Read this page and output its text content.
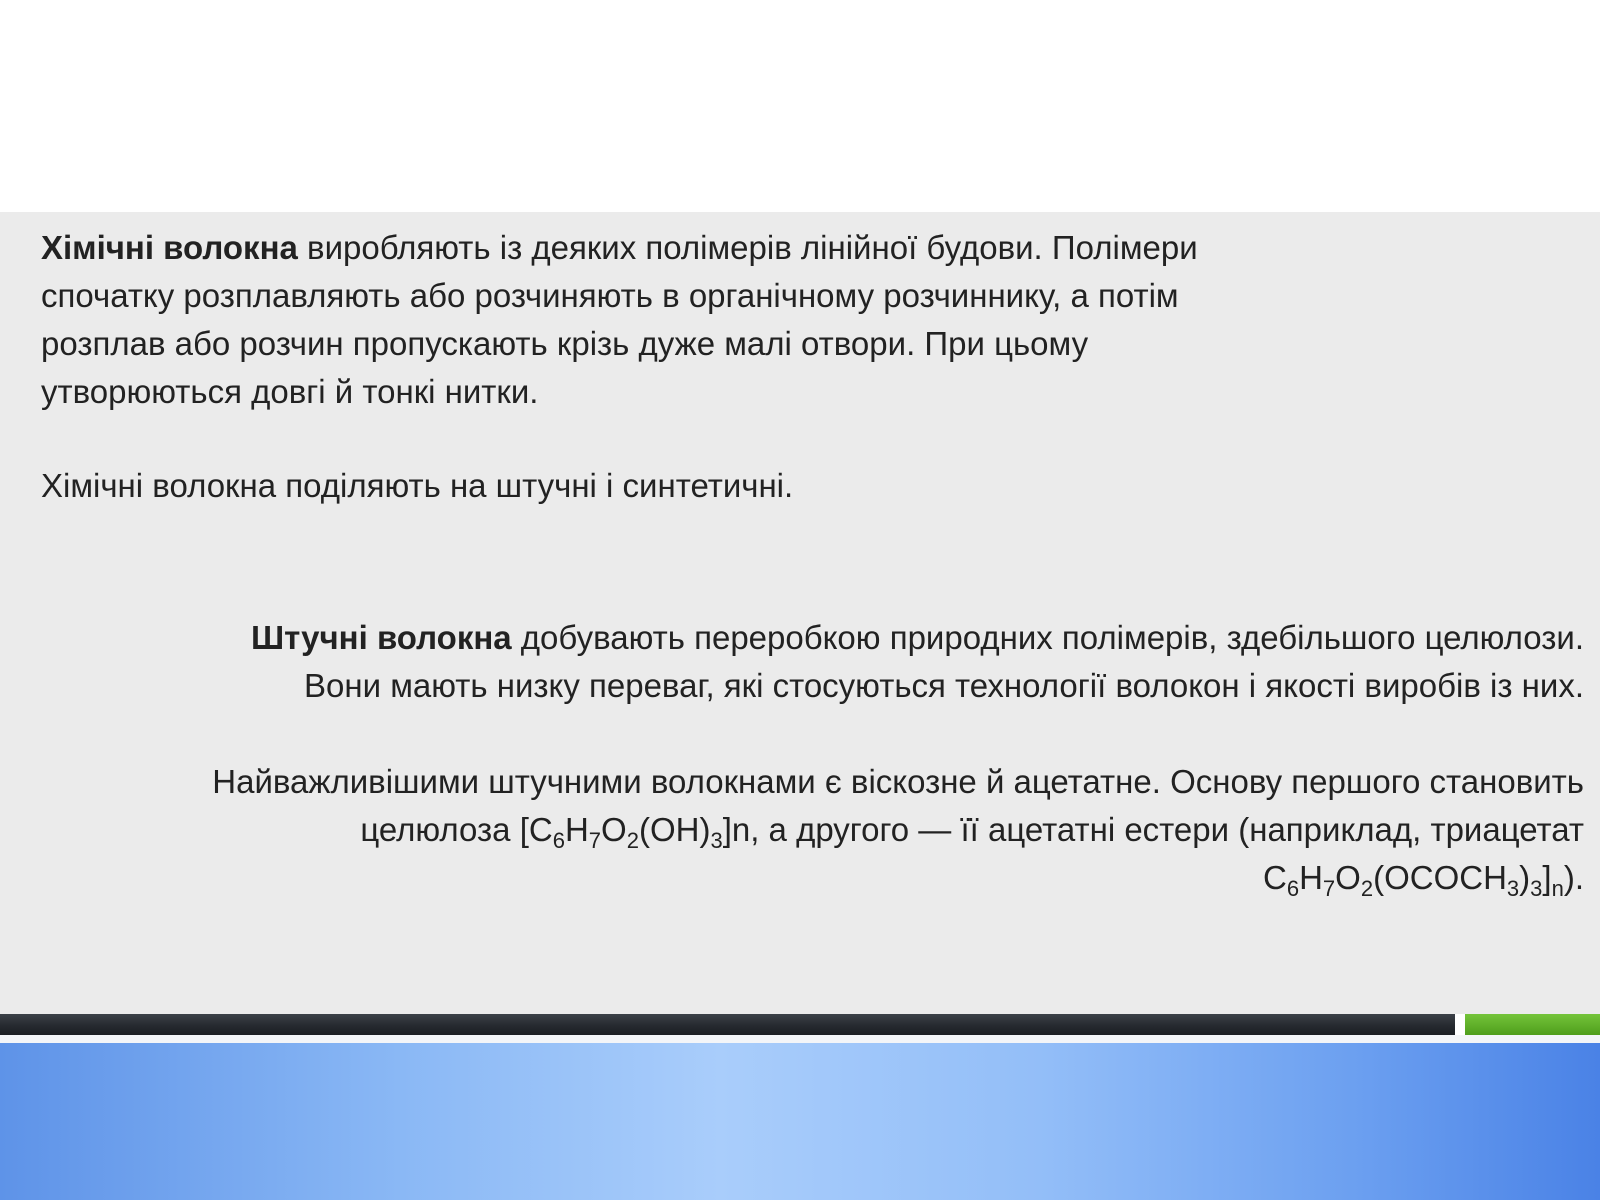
Хімічні волокна виробляють із деяких полімерів лінійної будови. Полімери
спочатку розплавляють або розчиняють в органічному розчиннику, а потім
розплав або розчин пропускають крізь дуже малі отвори. При цьому
утворюються довгі й тонкі нитки.

Хімічні волокна поділяють на штучні і синтетичні.

Штучні волокна добувають переробкою природних полімерів, здебільшого целюлози.
Вони мають низку переваг, які стосуються технології волокон і якості виробів із них.

Найважливішими штучними волокнами є віскозне й ацетатне. Основу першого становить
целюлоза $[C_6H_7O_2(OH)_3]n$, а другого — її ацетатні естери (наприклад, триацетат
$C_6H_7O_2(OCOCH_3)_3]_n$).
